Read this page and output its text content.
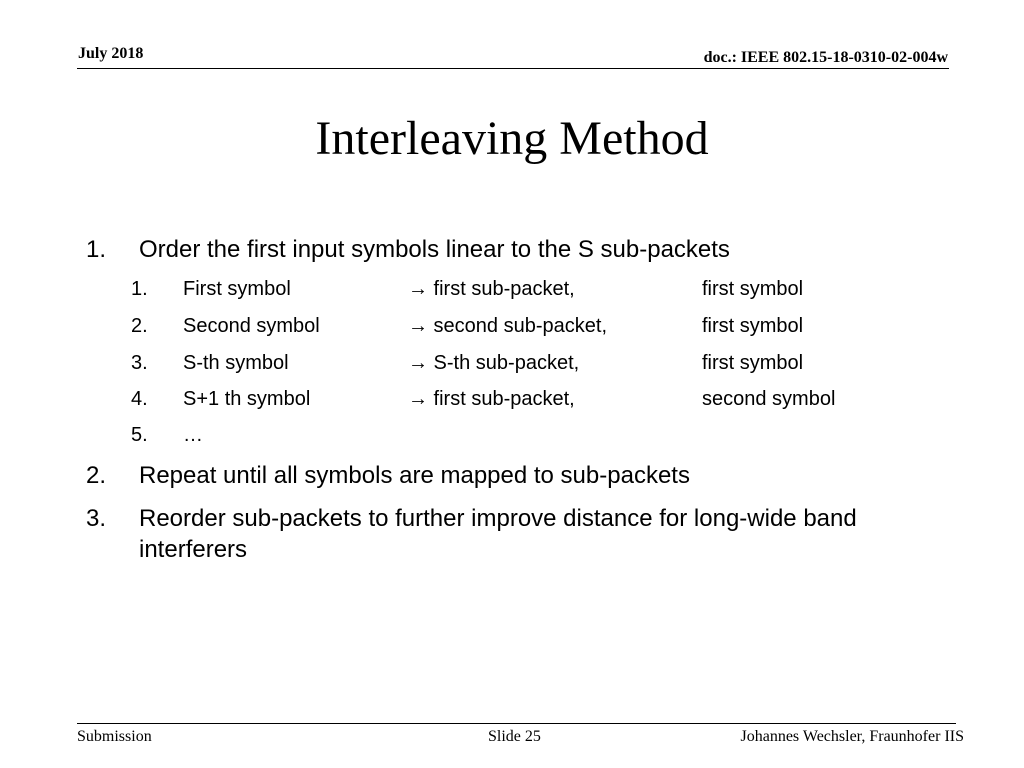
July 2018	doc.: IEEE 802.15-18-0310-02-004w
Interleaving Method
1. Order the first input symbols linear to the S sub-packets
1. First symbol	→ first sub-packet,	first symbol
2. Second symbol	→ second sub-packet,	first symbol
3. S-th symbol	→ S-th sub-packet,	first symbol
4. S+1 th symbol	→ first sub-packet,	second symbol
5. …
2. Repeat until all symbols are mapped to sub-packets
3. Reorder sub-packets to further improve distance for long-wide band interferers
Submission	Slide 25	Johannes Wechsler, Fraunhofer IIS
